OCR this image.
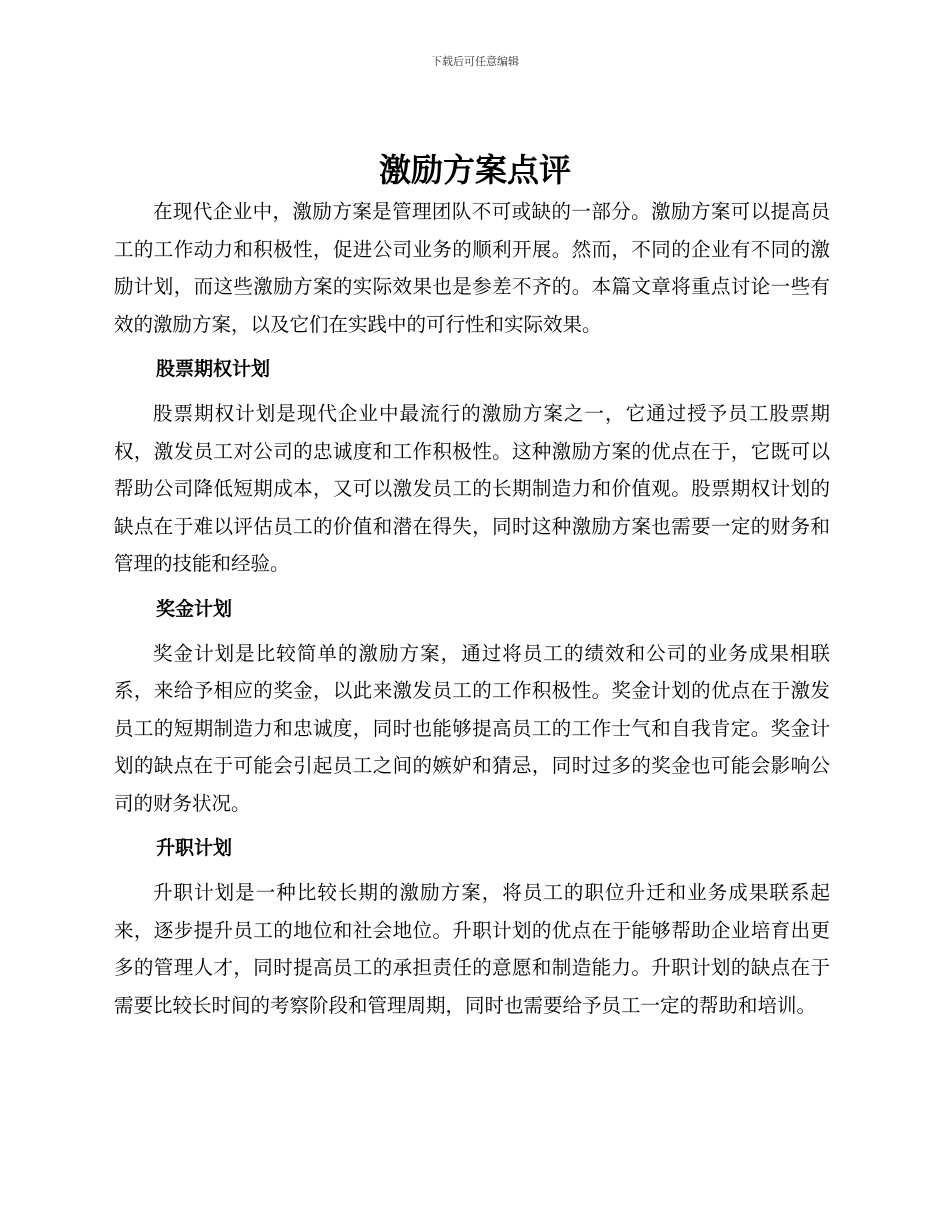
下载后可任意编辑
激励方案点评

在现代企业中，激励方案是管理团队不可或缺的一部分。激励方案可以提高员工的工作动力和积极性，促进公司业务的顺利开展。然而，不同的企业有不同的激励计划，而这些激励方案的实际效果也是参差不齐的。本篇文章将重点讨论一些有效的激励方案，以及它们在实践中的可行性和实际效果。

股票期权计划

股票期权计划是现代企业中最流行的激励方案之一，它通过授予员工股票期权，激发员工对公司的忠诚度和工作积极性。这种激励方案的优点在于，它既可以帮助公司降低短期成本，又可以激发员工的长期制造力和价值观。股票期权计划的缺点在于难以评估员工的价值和潜在得失，同时这种激励方案也需要一定的财务和管理的技能和经验。

奖金计划

奖金计划是比较简单的激励方案，通过将员工的绩效和公司的业务成果相联系，来给予相应的奖金，以此来激发员工的工作积极性。奖金计划的优点在于激发员工的短期制造力和忠诚度，同时也能够提高员工的工作士气和自我肯定。奖金计划的缺点在于可能会引起员工之间的嫉妒和猜忌，同时过多的奖金也可能会影响公司的财务状况。

升职计划

升职计划是一种比较长期的激励方案，将员工的职位升迁和业务成果联系起来，逐步提升员工的地位和社会地位。升职计划的优点在于能够帮助企业培育出更多的管理人才，同时提高员工的承担责任的意愿和制造能力。升职计划的缺点在于需要比较长时间的考察阶段和管理周期，同时也需要给予员工一定的帮助和培训。
